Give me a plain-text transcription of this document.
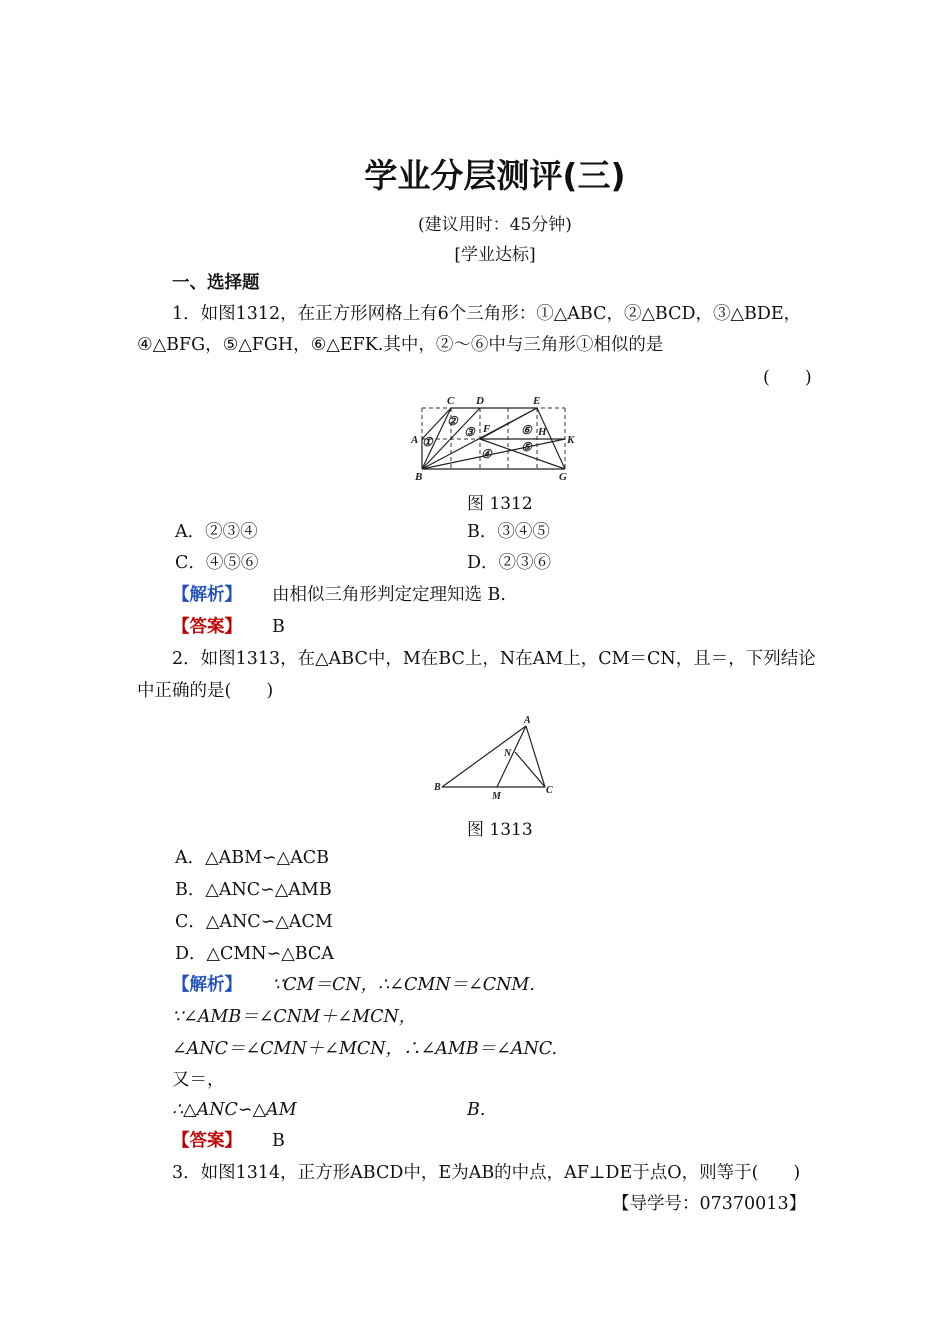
学业分层测评(三)
(建议用时：45分钟)
[学业达标]
一、选择题
1．如图1312，在正方形网格上有6个三角形：①△ABC，②△BCD，③△BDE，
④△BFG，⑤△FGH，⑥△EFK.其中，②～⑥中与三角形①相似的是
(　　)
C D	E
A
B	G
F	H
K
①
②
③
④ ⑤
⑥
图 1312
A．②③④	B．③④⑤
C．④⑤⑥	D．②③⑥
【解析】 由相似三角形判定定理知选 B.
【答案】 B
2．如图1313，在△ABC中，M在BC上，N在AM上，CM＝CN，且＝，下列结论
中正确的是(　　)
A
N
B
M
C
图 1313
A．△ABM∽△ACB
B．△ANC∽△AMB
C．△ANC∽△ACM
D．△CMN∽△BCA
【解析】 ∵CM＝CN，∴∠CMN＝∠CNM.
∵∠AMB＝∠CNM＋∠MCN，
∠ANC＝∠CMN＋∠MCN，∴∠AMB＝∠ANC.
又＝，
∴△ANC∽△AM	B.
【答案】 B
3．如图1314，正方形ABCD中，E为AB的中点，AF⊥DE于点O，则等于(　　)
【导学号：07370013】
